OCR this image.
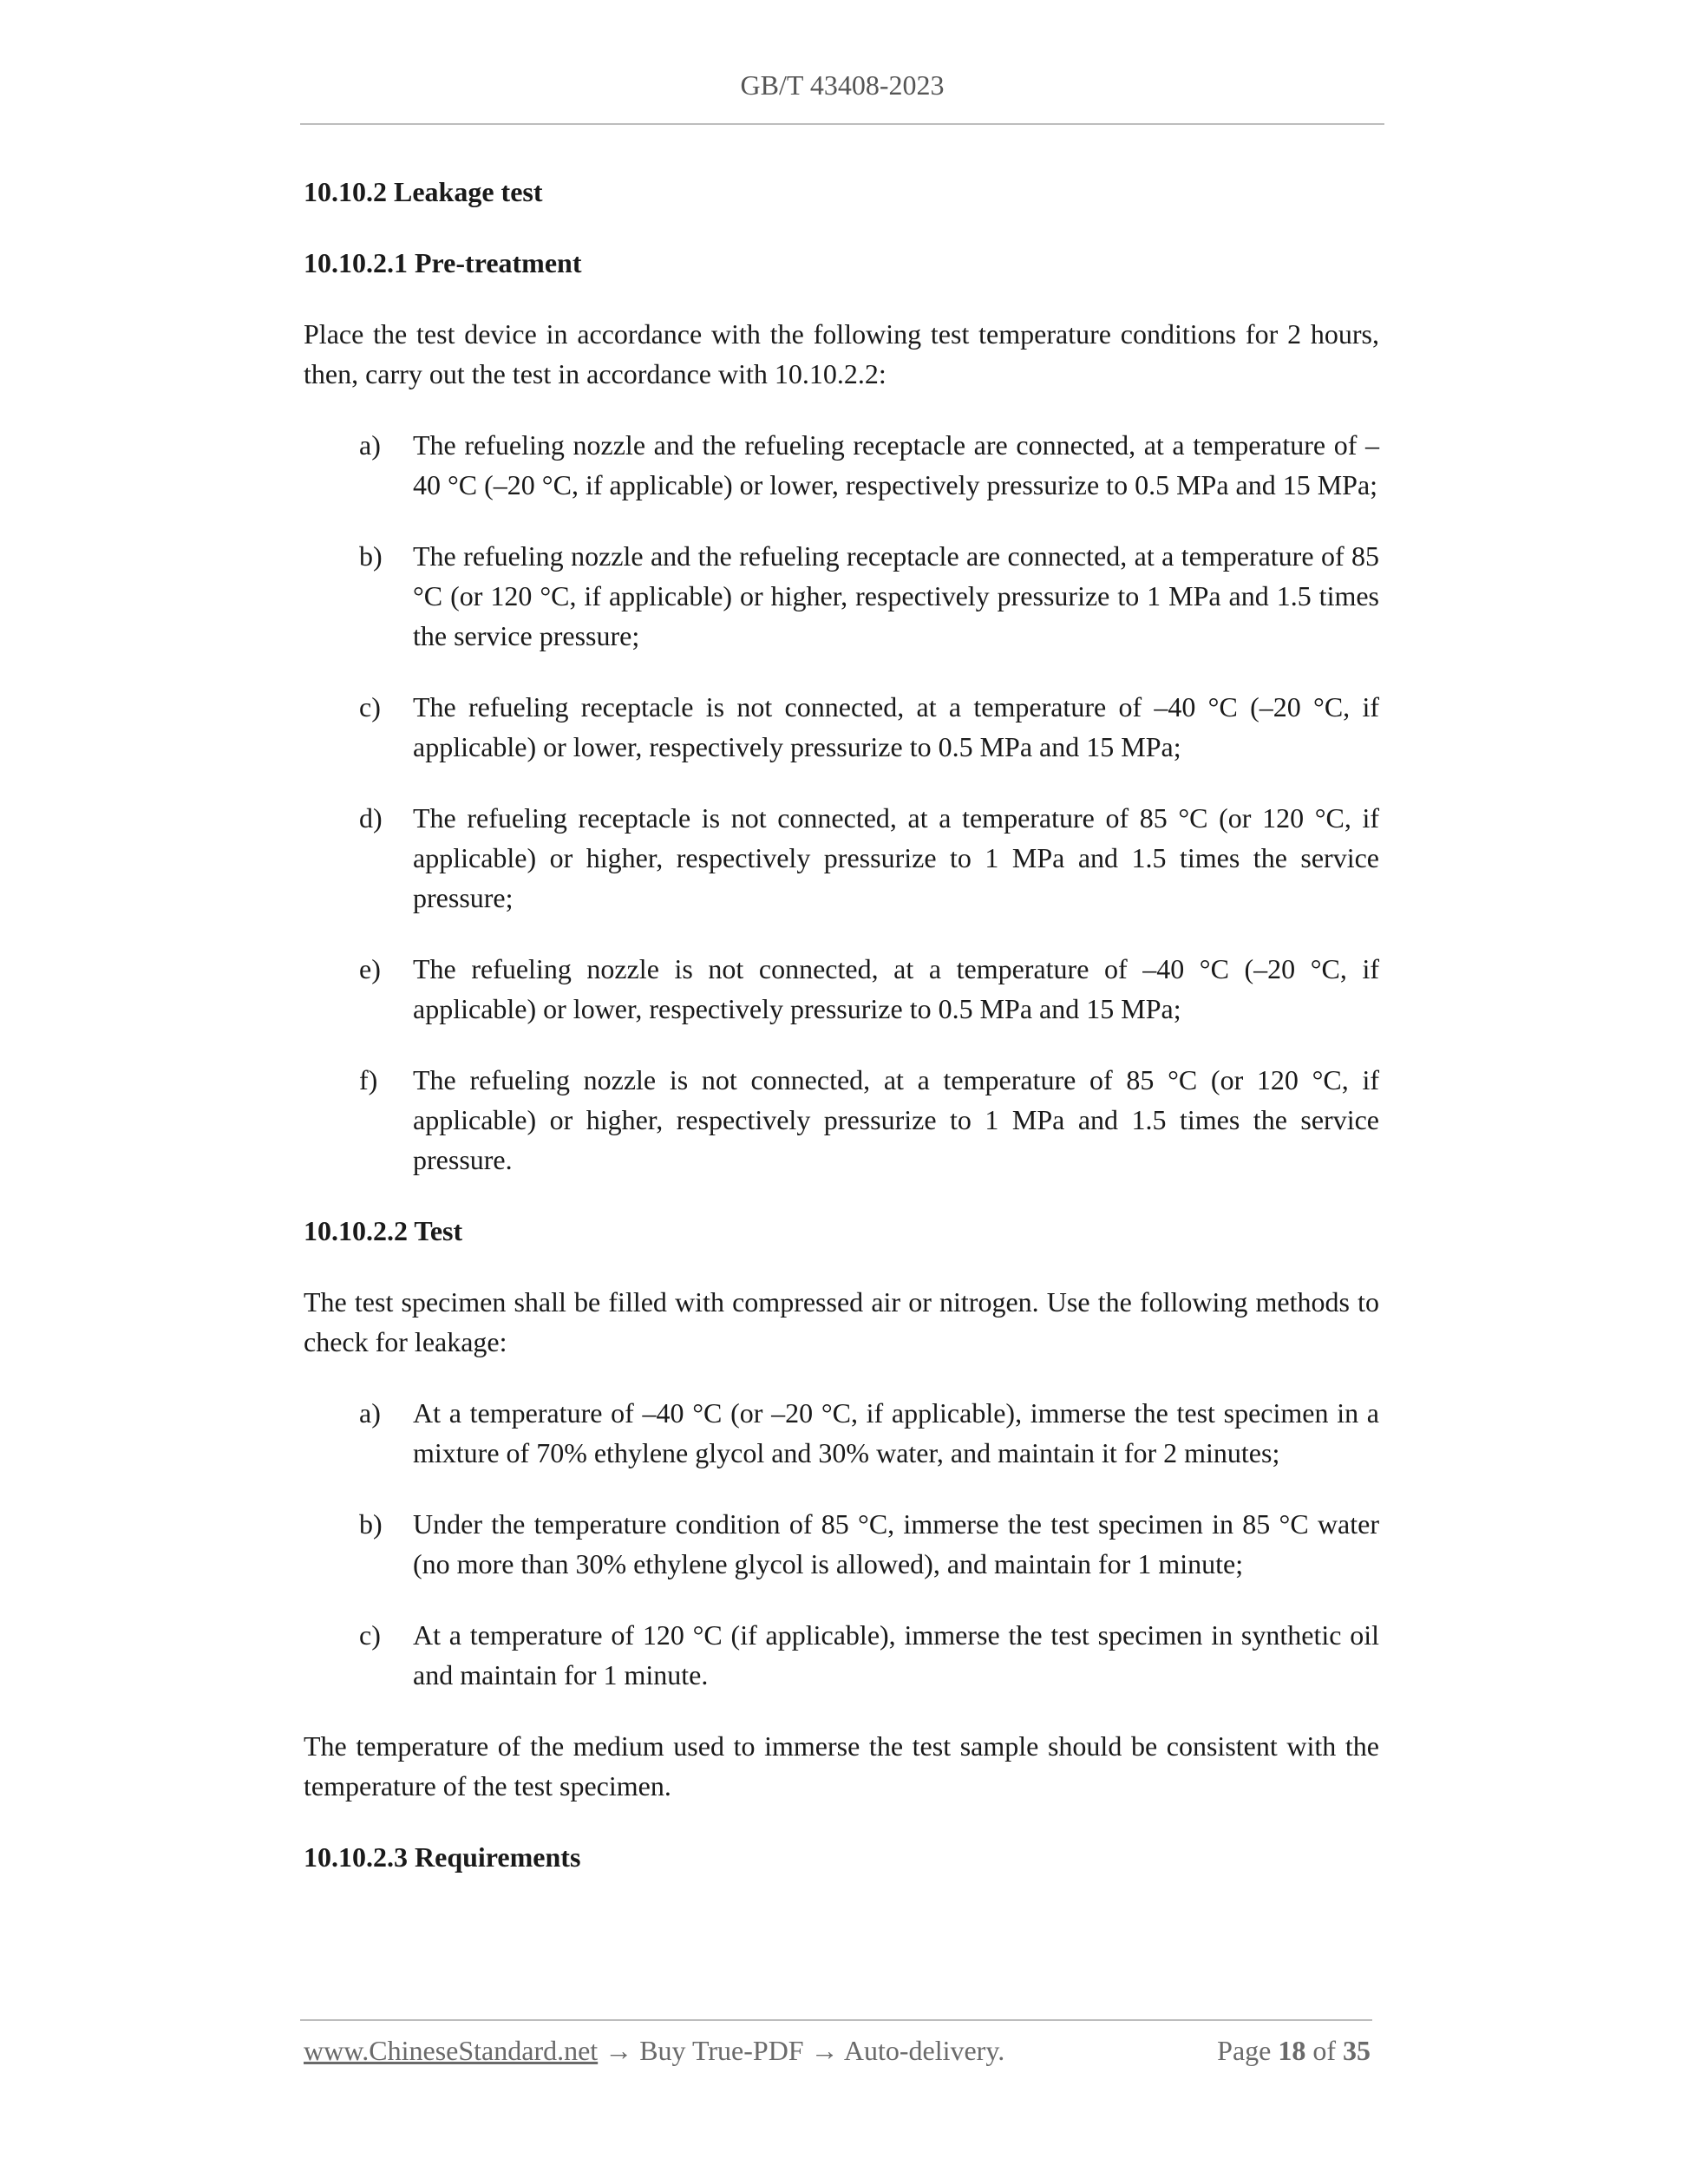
GB/T 43408-2023

10.10.2 Leakage test

10.10.2.1 Pre-treatment

Place the test device in accordance with the following test temperature conditions for 2 hours, then, carry out the test in accordance with 10.10.2.2:

a)	The refueling nozzle and the refueling receptacle are connected, at a temperature of –40 °C (–20 °C, if applicable) or lower, respectively pressurize to 0.5 MPa and 15 MPa;
b)	The refueling nozzle and the refueling receptacle are connected, at a temperature of 85 °C (or 120 °C, if applicable) or higher, respectively pressurize to 1 MPa and 1.5 times the service pressure;
c)	The refueling receptacle is not connected, at a temperature of –40 °C (–20 °C, if applicable) or lower, respectively pressurize to 0.5 MPa and 15 MPa;
d)	The refueling receptacle is not connected, at a temperature of 85 °C (or 120 °C, if applicable) or higher, respectively pressurize to 1 MPa and 1.5 times the service pressure;
e)	The refueling nozzle is not connected, at a temperature of –40 °C (–20 °C, if applicable) or lower, respectively pressurize to 0.5 MPa and 15 MPa;
f)	The refueling nozzle is not connected, at a temperature of 85 °C (or 120 °C, if applicable) or higher, respectively pressurize to 1 MPa and 1.5 times the service pressure.

10.10.2.2 Test

The test specimen shall be filled with compressed air or nitrogen. Use the following methods to check for leakage:

a)	At a temperature of –40 °C (or –20 °C, if applicable), immerse the test specimen in a mixture of 70% ethylene glycol and 30% water, and maintain it for 2 minutes;
b)	Under the temperature condition of 85 °C, immerse the test specimen in 85 °C water (no more than 30% ethylene glycol is allowed), and maintain for 1 minute;
c)	At a temperature of 120 °C (if applicable), immerse the test specimen in synthetic oil and maintain for 1 minute.

The temperature of the medium used to immerse the test sample should be consistent with the temperature of the test specimen.

10.10.2.3 Requirements

www.ChineseStandard.net → Buy True-PDF → Auto-delivery.	Page 18 of 35
